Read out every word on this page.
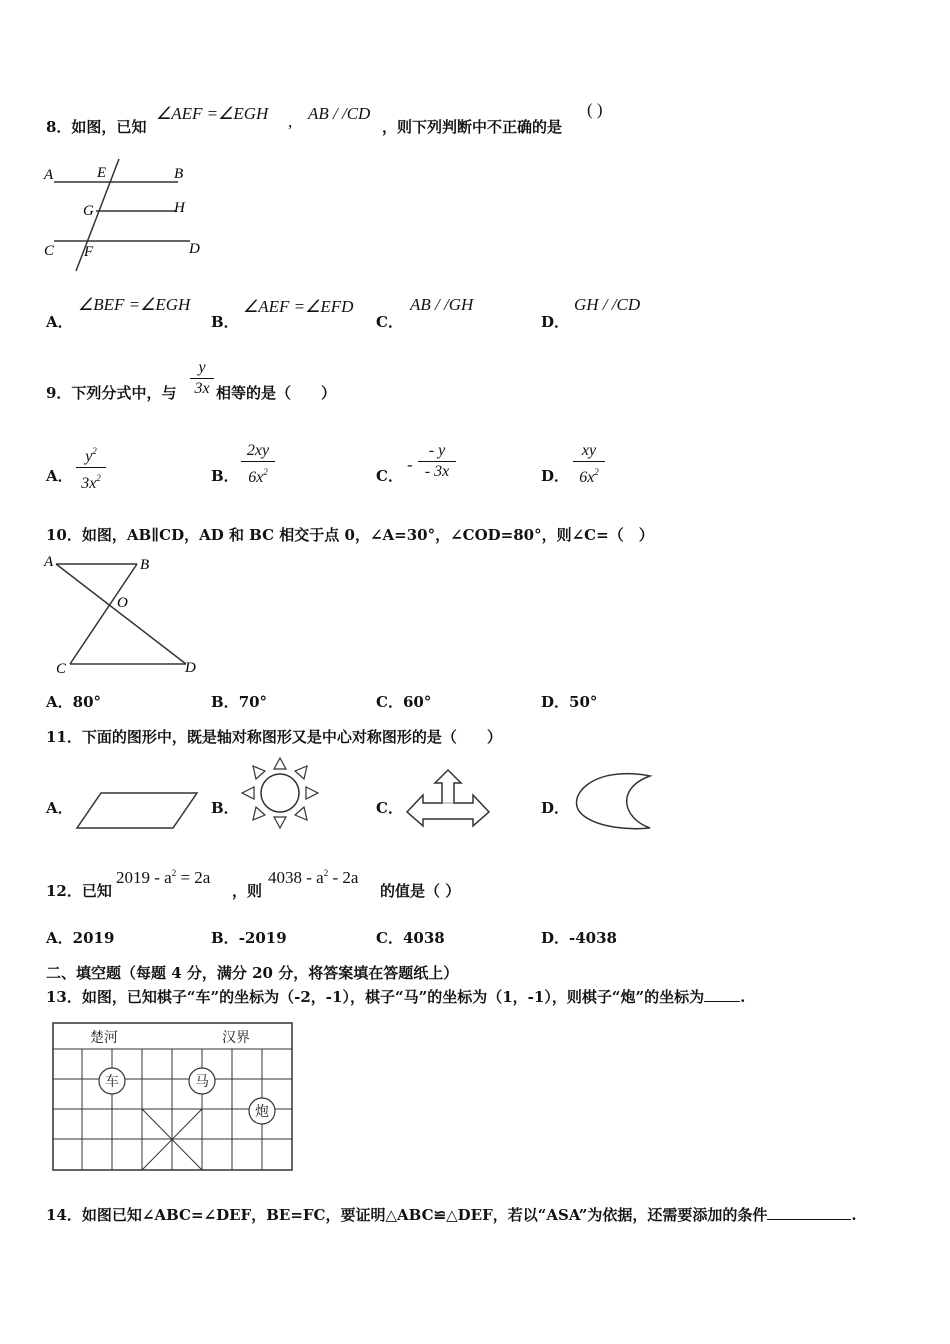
8．如图，已知
∠AEF =∠EGH , AB / /CD
，则下列判断中不正确的是
( )
A	E	B
G	H
C F	D
A．
∠BEF =∠EGH
B．
∠AEF =∠EFD
C．
AB / /GH
D．
GH / /CD
9．下列分式中，与 $\frac{y}{3x}$ 相等的是（　　）
A． $\frac{y^2}{3x^2}$	B． $\frac{2xy}{6x^2}$	C．
- $\frac{- y}{- 3x}$	D． $\frac{xy}{6x^2}$
10．如图，AB∥CD，AD 和 BC 相交于点 0，∠A=30°，∠COD=80°，则∠C=（　）
A	B
O
C	D
A．80°	B．70°	C．60°	D．50°
11．下面的图形中，既是轴对称图形又是中心对称图形的是（　　）
A．	B．	C．	D．
12．已知
$2019 - a^2 = 2a$
，则
$4038 - a^2 - 2a$
的值是（ ）
A．2019	B．-2019	C．4038	D．-4038
二、填空题（每题 4 分，满分 20 分，将答案填在答题纸上）
13．如图，已知棋子“车”的坐标为（-2，-1），棋子“马”的坐标为（1，-1），则棋子“炮”的坐标为 .
楚河	汉界
车	马
炮
14．如图已知∠ABC=∠DEF，BE=FC，要证明△ABC≌△DEF，若以“ASA”为依据，还需要添加的条件	.
